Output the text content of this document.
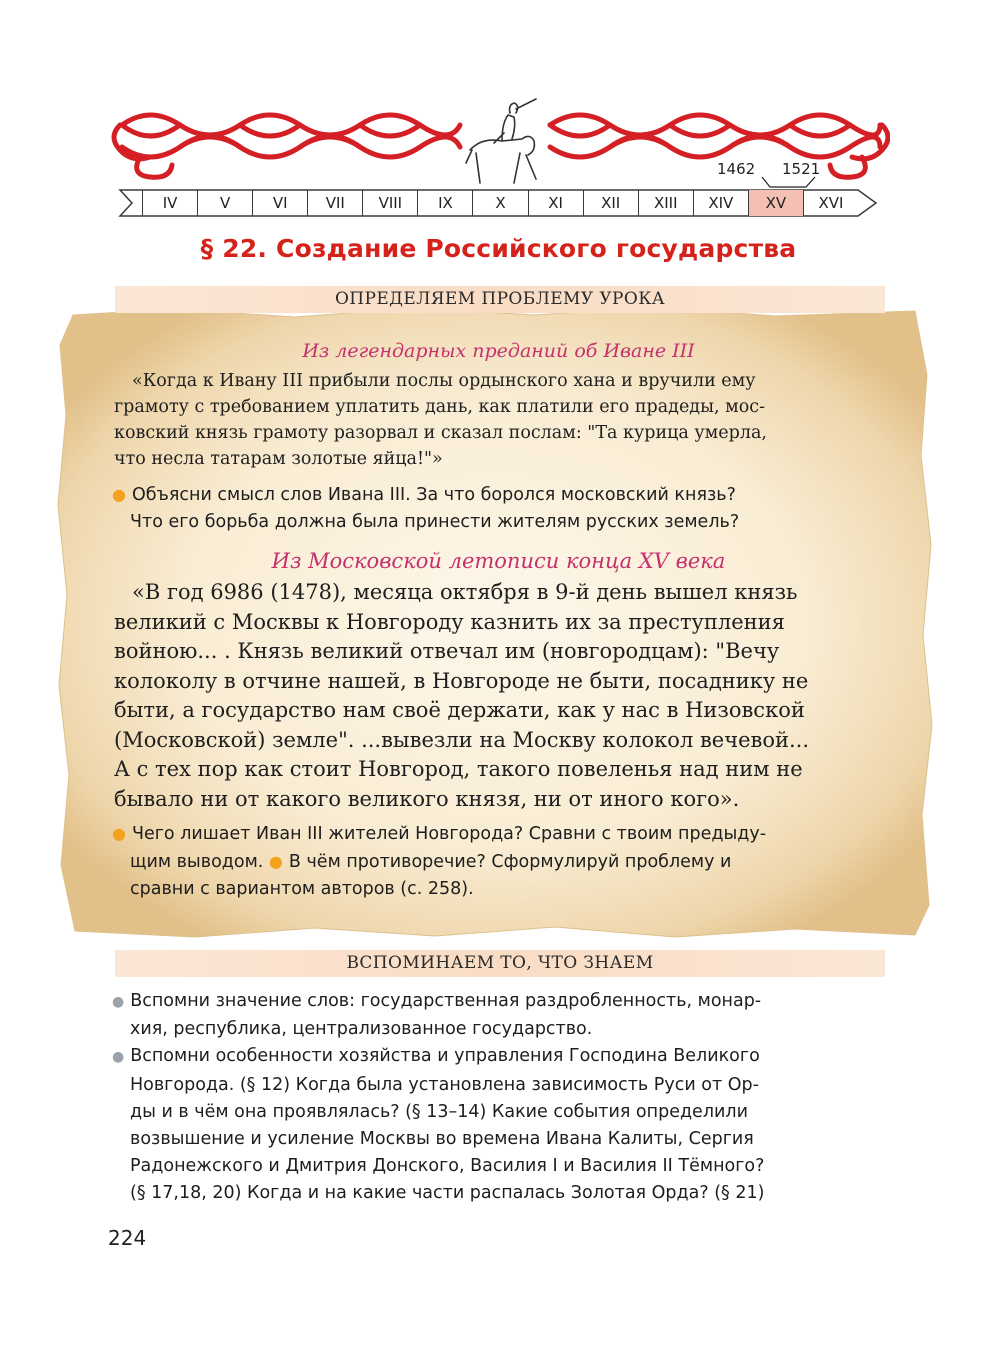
1462 1521
IV	V	VI	VII	VIII	IX	X	XI	XII	XIII	XIV	XV	XVI
§ 22. Создание Российского государства
ОПРЕДЕЛЯЕМ ПРОБЛЕМУ УРОКА
Из легендарных преданий об Иване III

«Когда к Ивану III прибыли послы ордынского хана и вручили ему

грамоту с требованием уплатить дань, как платили его прадеды, мос-
ковский князь грамоту разорвал и сказал послам: "Та курица умерла,
что несла татарам золотые яйца!"»
● Объясни смысл слов Ивана III. За что боролся московский князь?
Что его борьба должна была принести жителям русских земель?
Из Московской летописи конца XV века

«В год 6986 (1478), месяца октября в 9-й день вышел князь

великий с Москвы к Новгороду казнить их за преступления
войною... . Князь великий отвечал им (новгородцам): "Вечу
колоколу в отчине нашей, в Новгороде не быти, посаднику не
быти, а государство нам своё держати, как у нас в Низовской
(Московской) земле". ...вывезли на Москву колокол вечевой...
А с тех пор как стоит Новгород, такого повеленья над ним не
бывало ни от какого великого князя, ни от иного кого».
● Чего лишает Иван III жителей Новгорода? Сравни с твоим предыду-
щим выводом. ● В чём противоречие? Сформулируй проблему и
сравни с вариантом авторов (с. 258).
ВСПОМИНАЕМ ТО, ЧТО ЗНАЕМ
● Вспомни значение слов: государственная раздробленность, монар-
хия, республика, централизованное государство.
● Вспомни особенности хозяйства и управления Господина Великого
Новгорода. (§ 12) Когда была установлена зависимость Руси от Ор-
ды и в чём она проявлялась? (§ 13–14) Какие события определили
возвышение и усиление Москвы во времена Ивана Калиты, Сергия
Радонежского и Дмитрия Донского, Василия I и Василия II Тёмного?
(§ 17,18, 20) Когда и на какие части распалась Золотая Орда? (§ 21)
224
